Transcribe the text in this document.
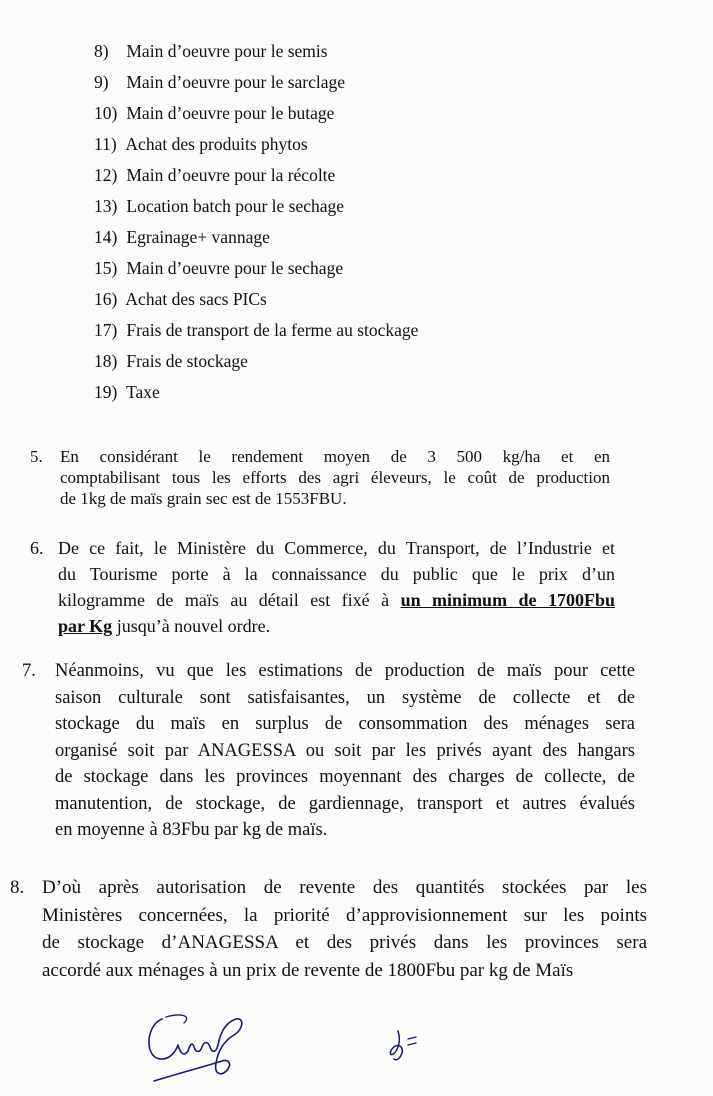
8) Main d’oeuvre pour le semis
9) Main d’oeuvre pour le sarclage
10) Main d’oeuvre pour le butage
11) Achat des produits phytos
12) Main d’oeuvre pour la récolte
13) Location batch pour le sechage
14) Egrainage+ vannage
15) Main d’oeuvre pour le sechage
16) Achat des sacs PICs
17) Frais de transport de la ferme au stockage
18) Frais de stockage
19) Taxe
5. En considérant le rendement moyen de 3 500 kg/ha et en
comptabilisant tous les efforts des agri éleveurs, le coût de production
de 1kg de maïs grain sec est de 1553FBU.
6. De ce fait, le Ministère du Commerce, du Transport, de l’Industrie et
du Tourisme porte à la connaissance du public que le prix d’un
kilogramme de maïs au détail est fixé à un minimum de 1700Fbu
par Kg jusqu’à nouvel ordre.
7. Néanmoins, vu que les estimations de production de maïs pour cette
saison culturale sont satisfaisantes, un système de collecte et de
stockage du maïs en surplus de consommation des ménages sera
organisé soit par ANAGESSA ou soit par les privés ayant des hangars
de stockage dans les provinces moyennant des charges de collecte, de
manutention, de stockage, de gardiennage, transport et autres évalués
en moyenne à 83Fbu par kg de maïs.
8. D’où après autorisation de revente des quantités stockées par les
Ministères concernées, la priorité d’approvisionnement sur les points
de stockage d’ANAGESSA et des privés dans les provinces sera
accordé aux ménages à un prix de revente de 1800Fbu par kg de Maïs
